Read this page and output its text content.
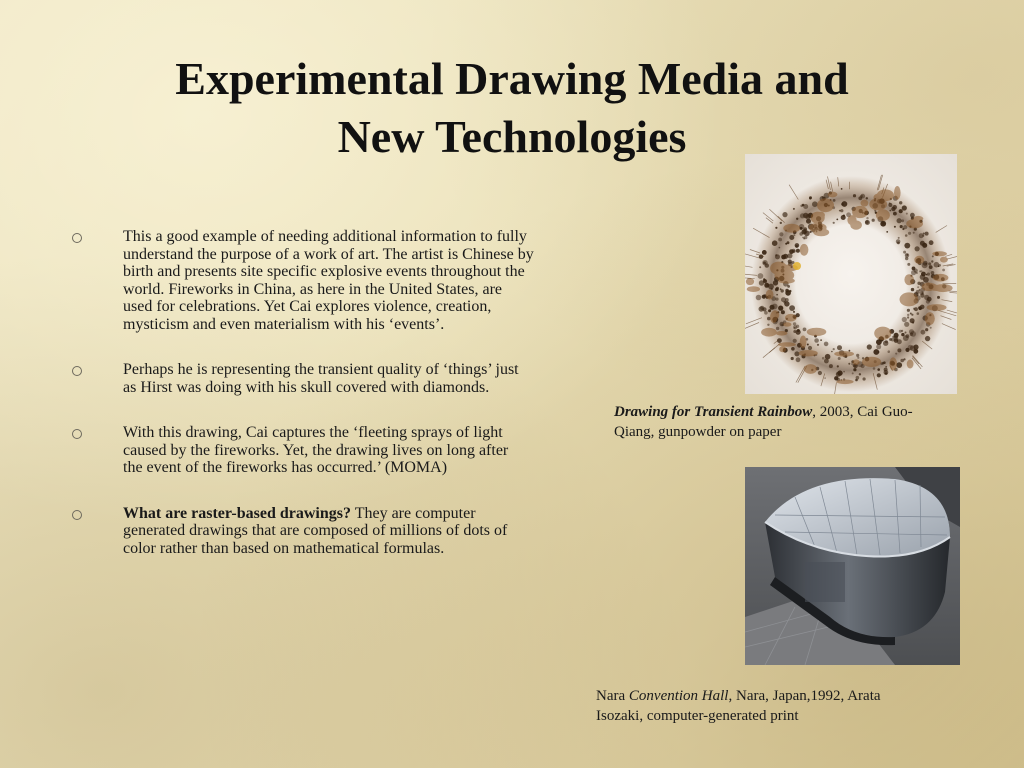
Experimental Drawing Media and
New Technologies
This a good example of needing additional information to fully understand the purpose of a work of art. The artist is Chinese by birth and presents site specific explosive events throughout the world. Fireworks in China, as here in the United States, are used for celebrations. Yet Cai explores violence, creation, mysticism and even materialism with his ‘events’.
Perhaps he is representing the transient quality of ‘things’ just as Hirst was doing with his skull covered with diamonds.
With this drawing, Cai captures the ‘fleeting sprays of light caused by the fireworks. Yet, the drawing lives on long after the event of the fireworks has occurred.’ (MOMA)
What are raster-based drawings? They are computer generated drawings that are composed of millions of dots of color rather than based on mathematical formulas.
Drawing for Transient Rainbow, 2003, Cai Guo-Qiang, gunpowder on paper
Nara Convention Hall, Nara, Japan,1992, Arata Isozaki, computer-generated print
